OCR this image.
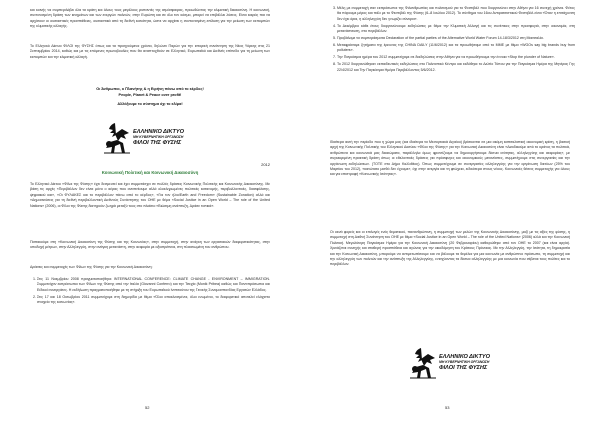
και κοινής να συμπεριλάβει όλα τα κράτη και όλους τους μεγάλους ρυπαντές της ατμόσφαιρας, προωθώντας την κλιματική δικαιοσύνη. Η κοινωνική, συντονισμένη δράση των κινημάτων και των ενεργών πολιτών, στην Ευρώπη και σε όλο τον κόσμο, μπορεί να επιβάλλει λύσεις. Είναι καιρός πια να αρχίσουν οι ουσιαστικές προσπάθειες, ουσιαστικά από τη διεθνή κοινότητα, ώστε να αρχίσει η συντονισμένη επίλυση για την μείωση των εκπομπών της κλιματικής αλλαγής.

Το Ελληνικό Δίκτυο ΦΙΛΟΙ της ΦΥΣΗΣ όπως και τα προηγούμενα χρόνια, δηλώνει Παρών για την ιστορική συνάντηση της Νέας Υόρκης στις 21 Σεπτεμβρίου 2014, καθώς και με τις επόμενες πρωτοβουλίες που θα αναπτυχθούν σε Ελληνικό, Ευρωπαϊκό και Διεθνές επίπεδο για τη μείωση των εκπομπών και την κλιματική αλλαγή.

Οι Άνθρωποι, ο Πλανήτης & η Ειρήνη πάνω από το κέρδος!
People, Planet & Peace over profit!
Αλλάξουμε το σύστημα όχι το κλίμα!
ΕΛΛΗΝΙΚΟ ΔΙΚΤΥΟ
ΜΗ ΚΥΒΕΡΝΗΤΙΚΗ ΟΡΓΑΝΩΣΗ
ΦΙΛΟΙ ΤΗΣ ΦΥΣΗΣ
2012
Κοινωνική Πολιτική και Κοινωνική Δικαιοσύνη

Το Ελληνικό Δίκτυο «Φίλοι της Φύσης» έχει δεσμευτεί και έχει συμμετάσχει σε πολλές δράσεις Κοινωνικής Πολιτικής και Κοινωνικής Δικαιοσύνης. Με βάση τις αρχές «Περιβάλλον δεν είναι μόνο ο αέρας που αναπνέουμε αλλά ολοκληρωμένες πολιτικές κατανομής, περιβαλλοντικές, διασφάλισης, ψηφιακού και», «Οι ΦΥΛΑΚΕΣ και το περιβάλλον πάνω από το κέρδος», «Για τον ήλιο/Earth and Freedom» (Sustainable Zonation) αλλά και «Δημοσιεύσεις για τη διεθνή περιβαλλοντική Διεθνούς Συνάντησης του ΟΗΕ με θέμα «Social Justice in an Open World – The role of the United Nations» (2006), οι Φίλοι της Φύσης διατηρούν ζωηρά μεταξύ τους στο πλαίσιο «Βιώσιμη ανάπτυξη, Δράσε τοπικά».

Παπακούμε στη «Κοινωνική Δικαιοσύνη της Φύσης και της Κοινωνίας», στην συμμετοχή, στην ανάγκη των εργασιακών διαφορετικότητας, στην υποδοχή μέτρων, στην Αλληλεγγύη, στην ανάγκη μετανάστη, στην αειφορία με αξιοπρέπεια, στη πλαισιωμένη του ανθρώπου.

Δράσεις και συμμετοχές των Φίλων της Φύσης για την Κοινωνική Δικαιοσύνη:

1. Στις 11 Νοεμβρίου 2008 πραγματοποιήθηκε INTERNATIONAL CONFERENCE: CLIMATE CHANGE - ENVIRONMENT – IMMIGRATION. Συμμετείχαν εκπρόσωποι των Φίλων της Φύσης από την Ιταλία (Giovanni Conferro) και την Τσεχία (Monik Pribea) καθώς και Παντιπρόσωποι και Ειδικοί συνεργάτες. Η εκδήλωση πραγματοποιήθηκε με τη στήριξη του Ευρωπαϊκού Ινστιτούτου της Γενικής Συνομοσπονδίας Εργατών Ελλάδος.
2. Στις 17 και 18 Οκτωβρίου 2011 συμμετείχαμε στη διημερίδα με θέμα «Όλοι αποκλεισμένοι, όλοι ενωμένοι, το διαφορετικό αποτελεί ελάχιστο στοιχείο της κοινωνίας».
52
3. Μέλη με συμμετοχή σαν εκπρόσωποι της Φιλανθρωπίας και πολιτισμού για το Φεστιβάλ που διοργανώνει στην Αθήνα για 16 συνεχή χρόνια. Φέτος θα πάρουμε μέρος και πάλι με το Φεστιβάλ της Φύσης (6–8 Ιουλίου 2012). Το σύνθημα του 16ου Αντιρατσιστικού Φεστιβάλ είναι «Όταν η επιτάχυνση δεν έχει όρια, η αλληλεγγύη δεν γνωρίζει σύνορα».
4. Το Δεκέμβριο κάθε έτους διοργανώνουμε εκδηλώσεις με θέμα την Κλιματική Αλλαγή και τις συνέπειες στην προσφυγιά, στην οικονομία, στη μετανάστευση, στο περιβάλλον.
5. Προβάλαμε τα συμπεράσματα Declaration of the partial parties of the Alternative World Water Forum 14-18/3/2012 στη Μασσαλία.
6. Μεταφράσαμε ζητήματα της έρευνας της CHINA DAILY (11/6/2012) και τα προωθήσαμε από το ΜΜΕ με θέμα «WGOs say big brands buy from polluters».
7. Την Παγκόσμια ημέρα του 2012 συμμετείχαμε σε διαδηλώσεις στην Αθήνα για να προωθήσουμε την έννοια «Stop the plunder of Nature».
8. Το 2012 διοργανώθηκαν εκπαιδευτικές εκδηλώσεις στο Πολιτιστικό Κέντρο και εκδόθηκε το Δελτίο Τύπου για την Παγκόσμια Ημέρα της Μητέρας Γης 22/4/2012 και Την Παγκόσμια Ημέρα Περιβάλλοντος 5/6/2012.

Ιδιαίτερα αυτή την περίοδο που η χώρα μας (και ιδιαίτερα τα Μεσογειακά Αιγαίου) βρίσκονται σε μια ακόμη καπιταλιστική οικονομική κρίση, η βασική αρχή της Κοινωνικής Πολιτικής του Ελληνικού Δικτύου «Φίλοι της Φύσης» για την Κοινωνική Δικαιοσύνη είναι «Διεκδικούμε από το κράτος τα πολιτικά, ανθρώπινα και κοινωνικά μας δικαιώματα, παράλληλα όμως φροντίζουμε να δημιουργήσουμε δίκτυα ισότητας, αλληλεγγύης και αειφορίας», με συγκεκριμένη πρακτική δράση όπως οι εθελοντικές δράσεις για πρόσφυγες και οικονομικούς μετανάστες, συμμετέχουμε στις συνεργασίες και την οργάνωση εκδηλώσεων. (ΤΟΤΕ στο Δήμο Καλλιθέας). Όπως συμμετέχουμε σε συνεργασίες αλληλεγγύης για την οργάνωση δικτύων (25% του Μαρτίου του 2012), «κατώτατο μισθό δεν έχουμε», όχι στην ανεργία και τη φτώχεια, ειδικότερα στους νέους. Κοινωνικές θέσεις συμμετοχής για όλους και για επιστροφή «Κοινωνικής Ισότητας».

Οι οκνά φορείς και οι επιλογές ενός θεματικού, πανανθρώπινη, η συμμετοχή των μελών της Κοινωνικής Δικαιοσύνης, μαζί με τις αξίες της φύσης, η συμμετοχή στη Διεθνή Συνάντηση του ΟΗΕ με θέμα «Social Justice in an Open World – The role of the United Nations» (2006) αλλά και την Κοινωνική Πολιτική. Μεγαλύτερη Παγκόσμια Ημέρα για την Κοινωνική Δικαιοσύνη (20 Φεβρουαρίου) καθιερώθηκε από τον ΟΗΕ το 2007 (και είναι αργία). Χρειάζεται συνεχής και σταθερή προσπάθεια και αγώνας για την οικοδόμηση του Κράτους Πρόνοιας. Με την Αλληλεγγύη, την Ισότητα, τη δημοκρατία και την Κοινωνική Δικαιοσύνη, μπορούμε να αντιμετωπίσουμε και να βάλουμε τα θεμέλια για μια κοινωνία με ανθρώπινο πρόσωπο, τη συμμετοχή και την αλληλεγγύη των πολιτών και την ανάπτυξη της Αλληλεγγύης, ενισχύοντας τα δίκτυα αλληλεγγύης με μια κοινωνία που σέβεται τους πολίτες και το περιβάλλον.

ΕΛΛΗΝΙΚΟ ΔΙΚΤΥΟ
ΜΗ ΚΥΒΕΡΝΗΤΙΚΗ ΟΡΓΑΝΩΣΗ
ΦΙΛΟΙ ΤΗΣ ΦΥΣΗΣ
53
